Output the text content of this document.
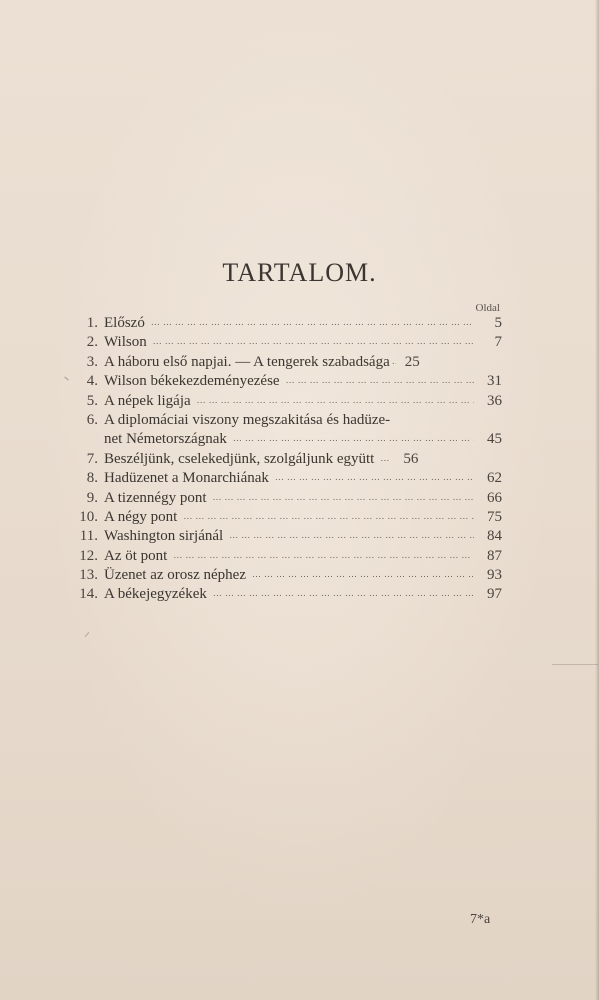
TARTALOM.
Oldal
1. Előszó ……………………………………………………………………………………………………………………………………………………………	5
2. Wilson ……………………………………………………………………………………………………………………………………………………………	7
3. A háboru első napjai. — A tengerek szabadsága ……………………………………………………………………………………………………………………………………………………………	25
4. Wilson békekezdeményezése ……………………………………………………………………………………………………………………………………………………………	31
5. A népek ligája ……………………………………………………………………………………………………………………………………………………………	36
6. A diplomáciai viszony megszakitása és hadüze-
net Németországnak ……………………………………………………………………………………………………………………………………………………………	45
7. Beszéljünk, cselekedjünk, szolgáljunk együtt ……………………………………………………………………………………………………………………………………………………………	56
8. Hadüzenet a Monarchiának ……………………………………………………………………………………………………………………………………………………………	62
9. A tizennégy pont ……………………………………………………………………………………………………………………………………………………………	66
10. A négy pont ……………………………………………………………………………………………………………………………………………………………	75
11. Washington sirjánál ……………………………………………………………………………………………………………………………………………………………	84
12. Az öt pont ……………………………………………………………………………………………………………………………………………………………	87
13. Üzenet az orosz néphez ……………………………………………………………………………………………………………………………………………………………	93
14. A békejegyzékek ……………………………………………………………………………………………………………………………………………………………	97
7*a
